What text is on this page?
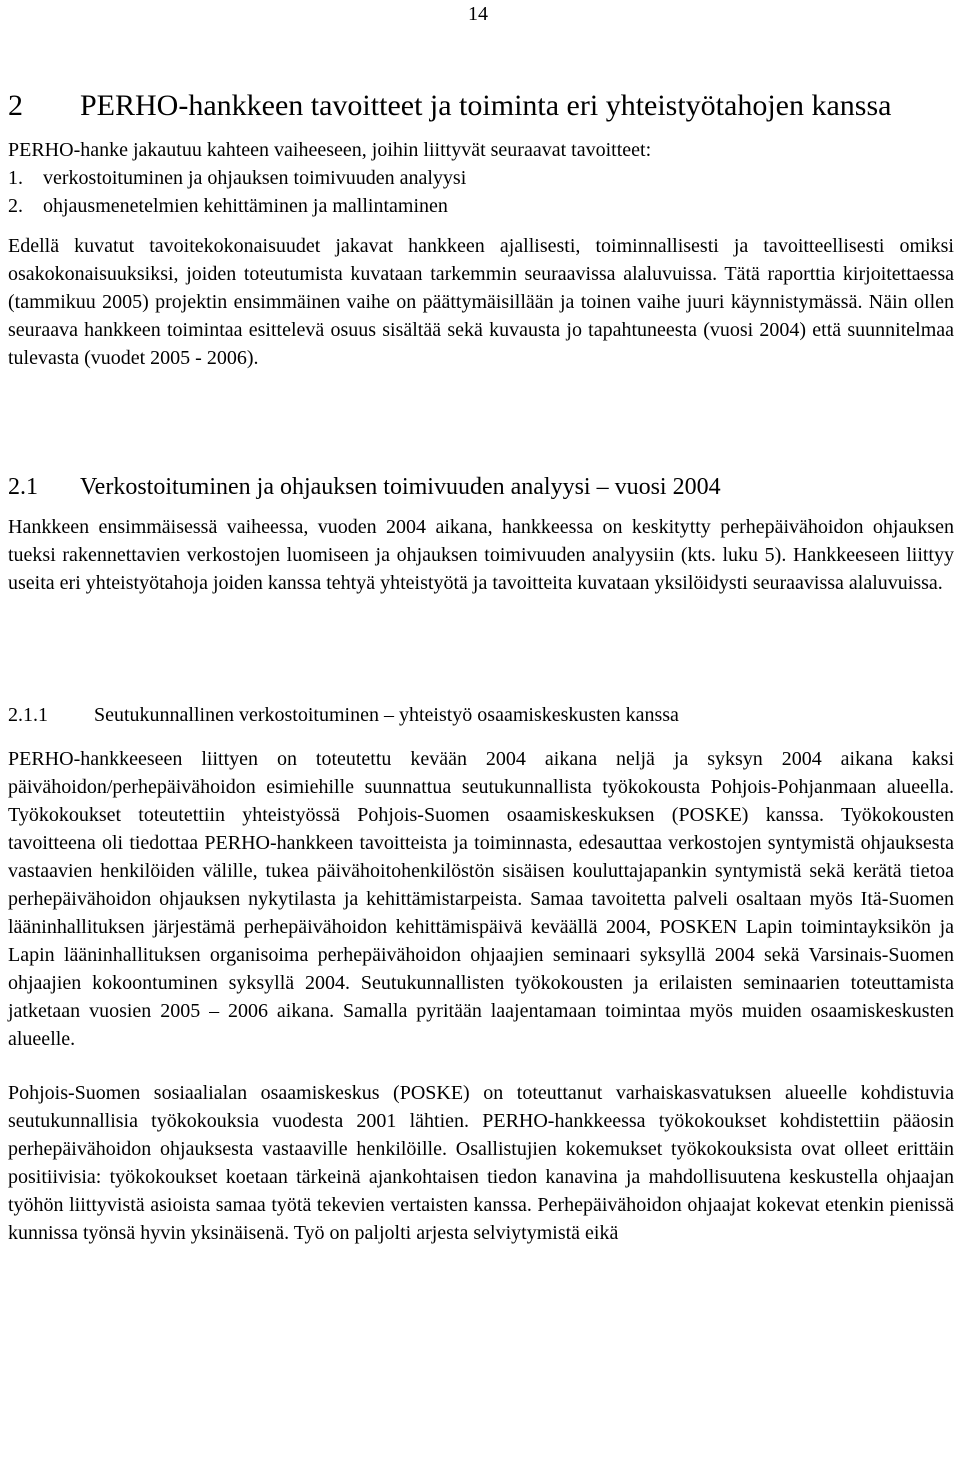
14
2	PERHO-hankkeen tavoitteet ja toiminta eri yhteistyötahojen kanssa

PERHO-hanke jakautuu kahteen vaiheeseen, joihin liittyvät seuraavat tavoitteet:

1.	verkostoituminen ja ohjauksen toimivuuden analyysi
2.	ohjausmenetelmien kehittäminen ja mallintaminen

Edellä kuvatut tavoitekokonaisuudet jakavat hankkeen ajallisesti, toiminnallisesti ja tavoitteellisesti omiksi osakokonaisuuksiksi, joiden toteutumista kuvataan tarkemmin seuraavissa alaluvuissa. Tätä raporttia kirjoitettaessa (tammikuu 2005) projektin ensimmäinen vaihe on päättymäisillään ja toinen vaihe juuri käynnistymässä. Näin ollen seuraava hankkeen toimintaa esittelevä osuus sisältää sekä kuvausta jo tapahtuneesta (vuosi 2004) että suunnitelmaa tulevasta (vuodet 2005 - 2006).

2.1	Verkostoituminen ja ohjauksen toimivuuden analyysi – vuosi 2004

Hankkeen ensimmäisessä vaiheessa, vuoden 2004 aikana, hankkeessa on keskitytty perhepäivähoidon ohjauksen tueksi rakennettavien verkostojen luomiseen ja ohjauksen toimivuuden analyysiin (kts. luku 5). Hankkeeseen liittyy useita eri yhteistyötahoja joiden kanssa tehtyä yhteistyötä ja tavoitteita kuvataan yksilöidysti seuraavissa alaluvuissa.

2.1.1	Seutukunnallinen verkostoituminen – yhteistyö osaamiskeskusten kanssa

PERHO-hankkeeseen liittyen on toteutettu kevään 2004 aikana neljä ja syksyn 2004 aikana kaksi päivähoidon/perhepäivähoidon esimiehille suunnattua seutukunnallista työkokousta Pohjois-Pohjanmaan alueella. Työkokoukset toteutettiin yhteistyössä Pohjois-Suomen osaamiskeskuksen (POSKE) kanssa. Työkokousten tavoitteena oli tiedottaa PERHO-hankkeen tavoitteista ja toiminnasta, edesauttaa verkostojen syntymistä ohjauksesta vastaavien henkilöiden välille, tukea päivähoitohenkilöstön sisäisen kouluttajapankin syntymistä sekä kerätä tietoa perhepäivähoidon ohjauksen nykytilasta ja kehittämistarpeista. Samaa tavoitetta palveli osaltaan myös Itä-Suomen lääninhallituksen järjestämä perhepäivähoidon kehittämispäivä keväällä 2004, POSKEN Lapin toimintayksikön ja Lapin lääninhallituksen organisoima perhepäivähoidon ohjaajien seminaari syksyllä 2004 sekä Varsinais-Suomen ohjaajien kokoontuminen syksyllä 2004. Seutukunnallisten työkokousten ja erilaisten seminaarien toteuttamista jatketaan vuosien 2005 – 2006 aikana. Samalla pyritään laajentamaan toimintaa myös muiden osaamiskeskusten alueelle.

Pohjois-Suomen sosiaalialan osaamiskeskus (POSKE) on toteuttanut varhaiskasvatuksen alueelle kohdistuvia seutukunnallisia työkokouksia vuodesta 2001 lähtien. PERHO-hankkeessa työkokoukset kohdistettiin pääosin perhepäivähoidon ohjauksesta vastaaville henkilöille. Osallistujien kokemukset työkokouksista ovat olleet erittäin positiivisia: työkokoukset koetaan tärkeinä ajankohtaisen tiedon kanavina ja mahdollisuutena keskustella ohjaajan työhön liittyvistä asioista samaa työtä tekevien vertaisten kanssa. Perhepäivähoidon ohjaajat kokevat etenkin pienissä kunnissa työnsä hyvin yksinäisenä. Työ on paljolti arjesta selviytymistä eikä
